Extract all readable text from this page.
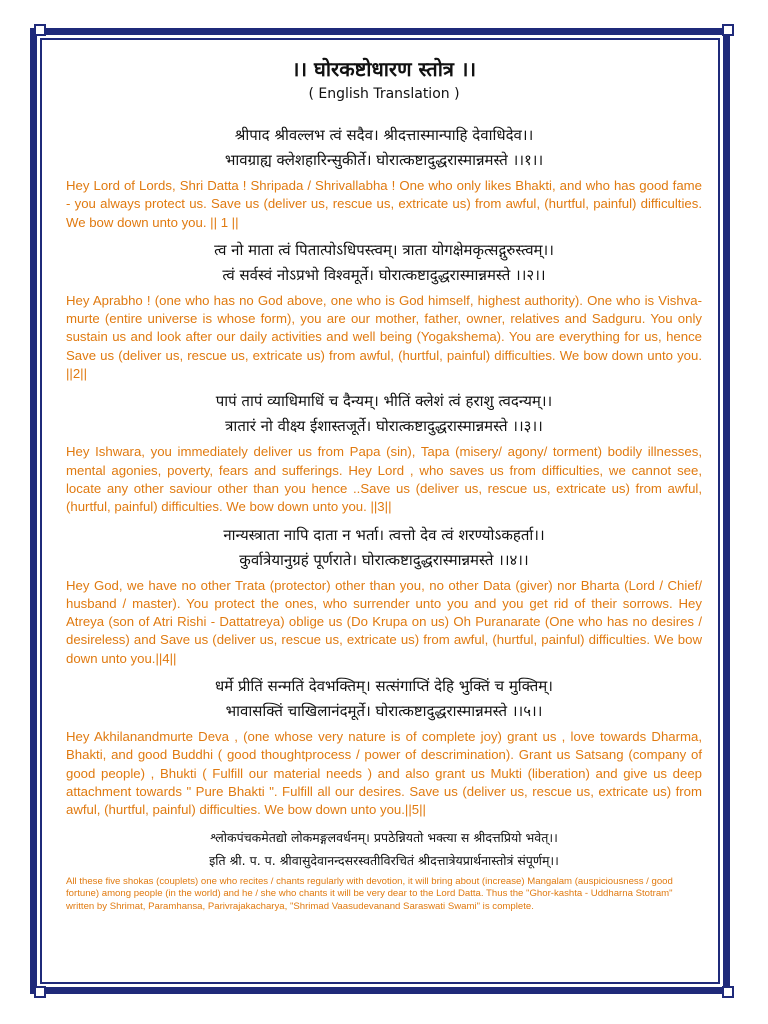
।। घोरकष्टोधारण स्तोत्र ।।
( English Translation )
श्रीपाद श्रीवल्लभ त्वं सदैव। श्रीदत्तास्मान्पाहि देवाधिदेव।।
भावग्राह्य क्लेशहारिन्सुकीर्ते। घोरात्कष्टादुद्धरास्मान्नमस्ते ।।१।।
Hey Lord of Lords, Shri Datta ! Shripada / Shrivallabha ! One who only likes Bhakti, and who has good fame - you always protect us. Save us (deliver us, rescue us, extricate us) from awful, (hurtful, painful) difficulties. We bow down unto you. || 1 ||
त्व नो माता त्वं पितात्पोऽधिपस्त्वम्। त्राता योगक्षेमकृत्सद्गुरुस्त्वम्।।
त्वं सर्वस्वं नोऽप्रभो विश्वमूर्ते। घोरात्कष्टादुद्धरास्मान्नमस्ते ।।२।।
Hey Aprabho ! (one who has no God above, one who is God himself, highest authority). One who is Vishva- murte (entire universe is whose form), you are our mother, father, owner, relatives and Sadguru. You only sustain us and look after our daily activities and well being (Yogakshema). You are everything for us, hence Save us (deliver us, rescue us, extricate us) from awful, (hurtful, painful) difficulties. We bow down unto you. ||2||
पापं तापं व्याधिमाधिं च दैन्यम्। भीतिं क्लेशं त्वं हराशु त्वदन्यम्।।
त्रातारं नो वीक्ष्य ईशास्तजूर्ते। घोरात्कष्टादुद्धरास्मान्नमस्ते ।।३।।
Hey Ishwara, you immediately deliver us from Papa (sin), Tapa (misery/ agony/ torment) bodily illnesses, mental agonies, poverty, fears and sufferings. Hey Lord , who saves us from difficulties, we cannot see, locate any other saviour other than you hence ..Save us (deliver us, rescue us, extricate us) from awful, (hurtful, painful) difficulties. We bow down unto you. ||3||
नान्यस्त्राता नापि दाता न भर्ता। त्वत्तो देव त्वं शरण्योऽकहर्ता।।
कुर्वात्रेयानुग्रहं पूर्णराते। घोरात्कष्टादुद्धरास्मान्नमस्ते ।।४।।
Hey God, we have no other Trata (protector) other than you, no other Data (giver) nor Bharta (Lord / Chief/ husband / master). You protect the ones, who surrender unto you and you get rid of their sorrows. Hey Atreya (son of Atri Rishi - Dattatreya) oblige us (Do Krupa on us) Oh Puranarate (One who has no desires / desireless) and Save us (deliver us, rescue us, extricate us) from awful, (hurtful, painful) difficulties. We bow down unto you.||4||
धर्मे प्रीतिं सन्मतिं देवभक्तिम्। सत्संगाप्तिं देहि भुक्तिं च मुक्तिम्।
भावासक्तिं चाखिलानंदमूर्ते। घोरात्कष्टादुद्धरास्मान्नमस्ते ।।५।।
Hey Akhilanandmurte Deva , (one whose very nature is of complete joy) grant us , love towards Dharma, Bhakti, and good Buddhi ( good thoughtprocess / power of descrimination). Grant us Satsang (company of good people) , Bhukti ( Fulfill our material needs ) and also grant us Mukti (liberation) and give us deep attachment towards " Pure Bhakti ". Fulfill all our desires. Save us (deliver us, rescue us, extricate us) from awful, (hurtful, painful) difficulties. We bow down unto you.||5||
श्लोकपंचकमेतद्यो लोकमङ्गलवर्धनम्। प्रपठेन्नियतो भक्त्या स श्रीदत्तप्रियो भवेत्।।
इति श्री. प. प. श्रीवासुदेवानन्दसरस्वतीविरचितं श्रीदत्तात्रेयप्रार्थनास्तोत्रं संपूर्णम्।।
All these five shokas (couplets) one who recites / chants regularly with devotion, it will bring about (increase) Mangalam (auspiciousness / good fortune) among people (in the world) and he / she who chants it will be very dear to the Lord Datta. Thus the "Ghor-kashta - Uddharna Stotram" written by Shrimat, Paramhansa, Parivrajakacharya, "Shrimad Vaasudevanand Saraswati Swami" is complete.
